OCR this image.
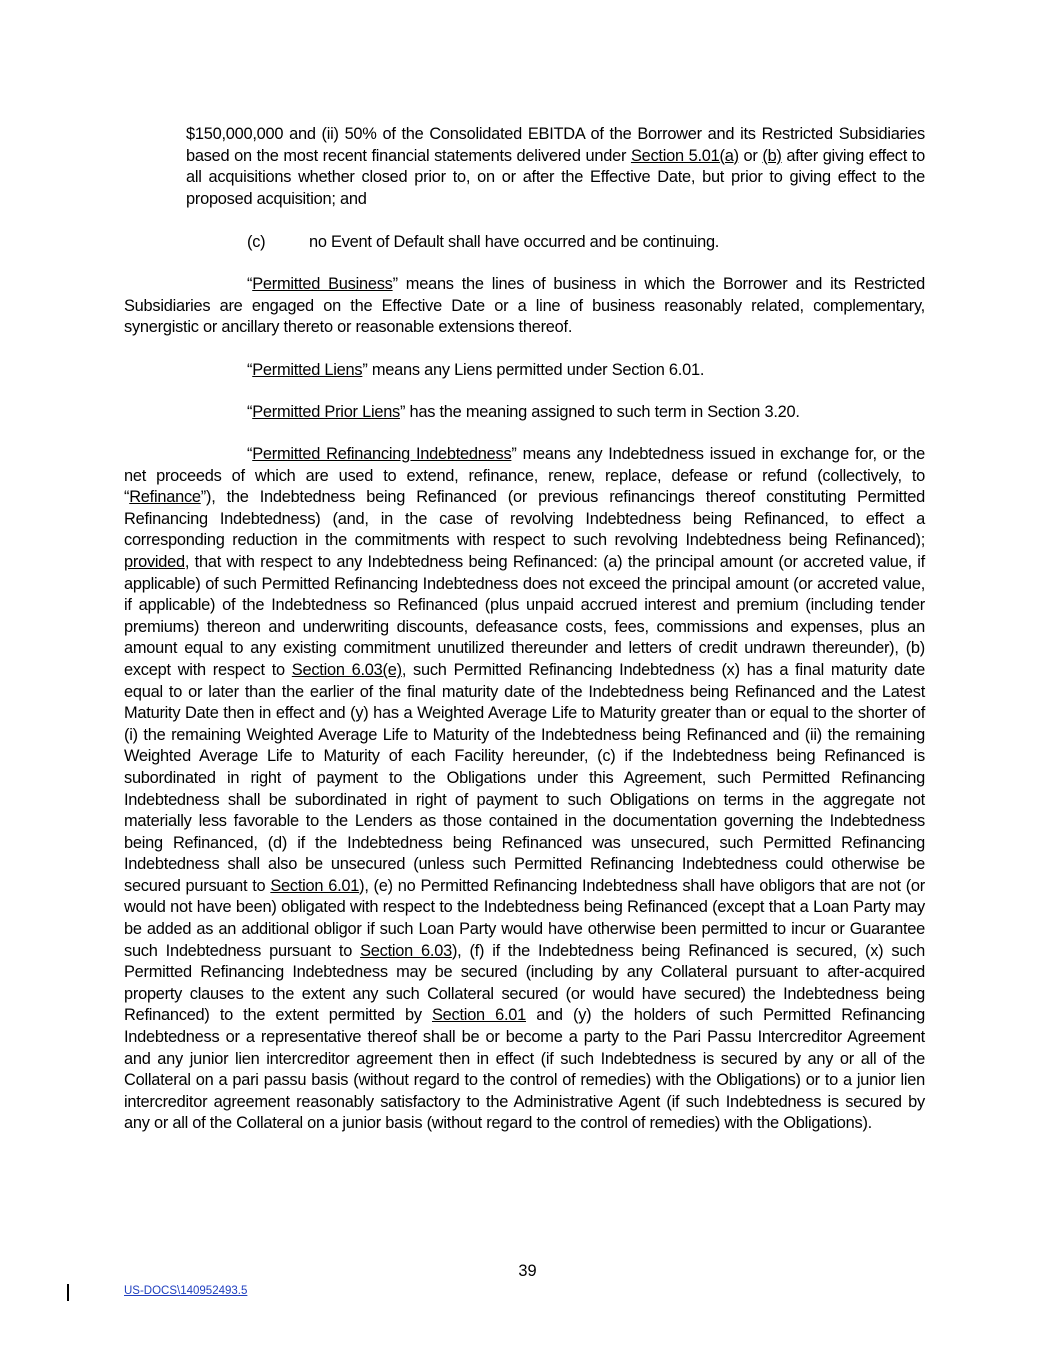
$150,000,000 and (ii) 50% of the Consolidated EBITDA of the Borrower and its Restricted Subsidiaries based on the most recent financial statements delivered under Section 5.01(a) or (b) after giving effect to all acquisitions whether closed prior to, on or after the Effective Date, but prior to giving effect to the proposed acquisition; and

(c)	no Event of Default shall have occurred and be continuing.

“Permitted Business” means the lines of business in which the Borrower and its Restricted Subsidiaries are engaged on the Effective Date or a line of business reasonably related, complementary, synergistic or ancillary thereto or reasonable extensions thereof.

“Permitted Liens” means any Liens permitted under Section 6.01.

“Permitted Prior Liens” has the meaning assigned to such term in Section 3.20.

“Permitted Refinancing Indebtedness” means any Indebtedness issued in exchange for, or the net proceeds of which are used to extend, refinance, renew, replace, defease or refund (collectively, to “Refinance”), the Indebtedness being Refinanced (or previous refinancings thereof constituting Permitted Refinancing Indebtedness) (and, in the case of revolving Indebtedness being Refinanced, to effect a corresponding reduction in the commitments with respect to such revolving Indebtedness being Refinanced); provided, that with respect to any Indebtedness being Refinanced: (a) the principal amount (or accreted value, if applicable) of such Permitted Refinancing Indebtedness does not exceed the principal amount (or accreted value, if applicable) of the Indebtedness so Refinanced (plus unpaid accrued interest and premium (including tender premiums) thereon and underwriting discounts, defeasance costs, fees, commissions and expenses, plus an amount equal to any existing commitment unutilized thereunder and letters of credit undrawn thereunder), (b) except with respect to Section 6.03(e), such Permitted Refinancing Indebtedness (x) has a final maturity date equal to or later than the earlier of the final maturity date of the Indebtedness being Refinanced and the Latest Maturity Date then in effect and (y) has a Weighted Average Life to Maturity greater than or equal to the shorter of (i) the remaining Weighted Average Life to Maturity of the Indebtedness being Refinanced and (ii) the remaining Weighted Average Life to Maturity of each Facility hereunder, (c) if the Indebtedness being Refinanced is subordinated in right of payment to the Obligations under this Agreement, such Permitted Refinancing Indebtedness shall be subordinated in right of payment to such Obligations on terms in the aggregate not materially less favorable to the Lenders as those contained in the documentation governing the Indebtedness being Refinanced, (d) if the Indebtedness being Refinanced was unsecured, such Permitted Refinancing Indebtedness shall also be unsecured (unless such Permitted Refinancing Indebtedness could otherwise be secured pursuant to Section 6.01), (e) no Permitted Refinancing Indebtedness shall have obligors that are not (or would not have been) obligated with respect to the Indebtedness being Refinanced (except that a Loan Party may be added as an additional obligor if such Loan Party would have otherwise been permitted to incur or Guarantee such Indebtedness pursuant to Section 6.03), (f) if the Indebtedness being Refinanced is secured, (x) such Permitted Refinancing Indebtedness may be secured (including by any Collateral pursuant to after-acquired property clauses to the extent any such Collateral secured (or would have secured) the Indebtedness being Refinanced) to the extent permitted by Section 6.01 and (y) the holders of such Permitted Refinancing Indebtedness or a representative thereof shall be or become a party to the Pari Passu Intercreditor Agreement and any junior lien intercreditor agreement then in effect (if such Indebtedness is secured by any or all of the Collateral on a pari passu basis (without regard to the control of remedies) with the Obligations) or to a junior lien intercreditor agreement reasonably satisfactory to the Administrative Agent (if such Indebtedness is secured by any or all of the Collateral on a junior basis (without regard to the control of remedies) with the Obligations).

39
US-DOCS\140952493.5
